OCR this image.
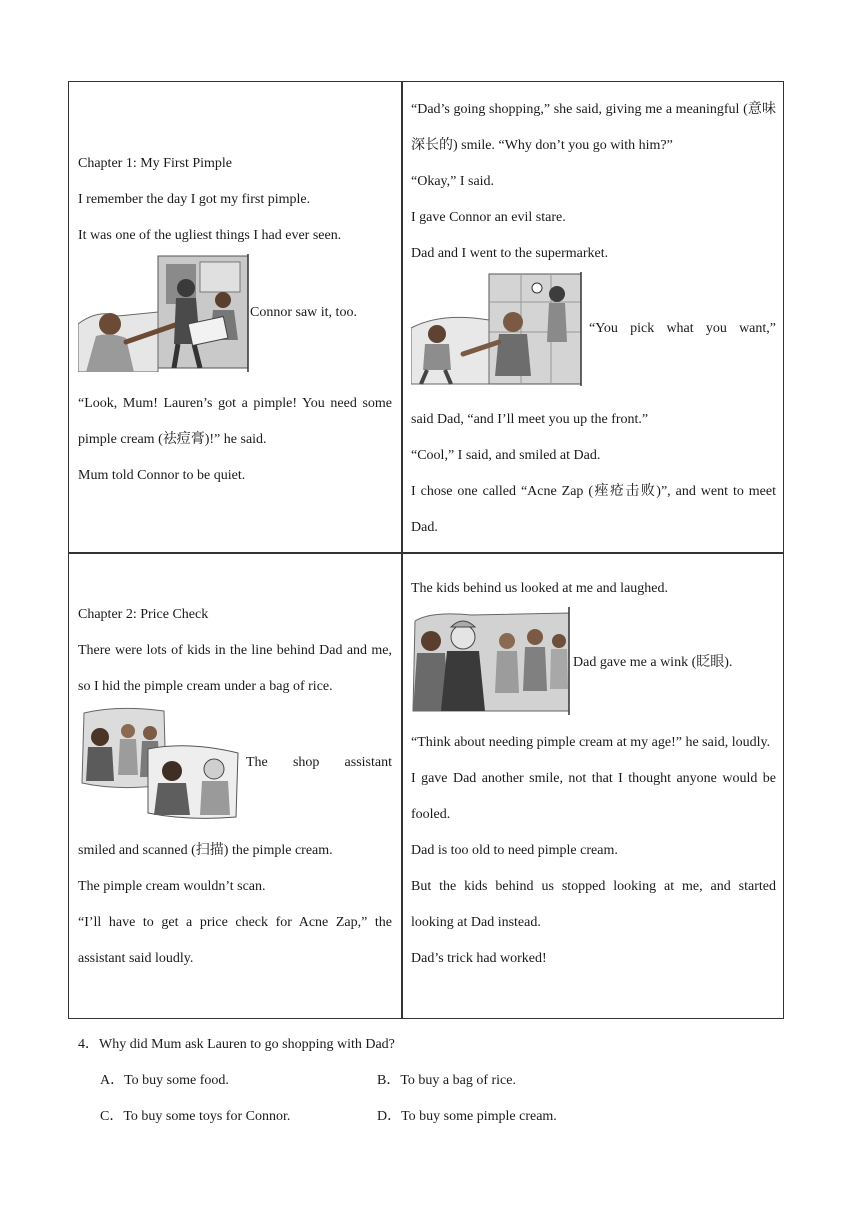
Chapter 1: My First Pimple

I remember the day I got my first pimple.

It was one of the ugliest things I had ever seen.

Connor saw it, too.

“Look, Mum! Lauren’s got a pimple! You need some pimple cream (祛痘膏)!” he said.

Mum told Connor to be quiet.

“Dad’s going shopping,” she said, giving me a meaningful (意味深长的) smile. “Why don’t you go with him?”

“Okay,” I said.

I gave Connor an evil stare.

Dad and I went to the supermarket.

“You pick what you want,”

said Dad, “and I’ll meet you up the front.”

“Cool,” I said, and smiled at Dad.

I chose one called “Acne Zap (痤疮击败)”, and went to meet Dad.

Chapter 2: Price Check

There were lots of kids in the line behind Dad and me, so I hid the pimple cream under a bag of rice.

The shop assistant

smiled and scanned (扫描) the pimple cream.

The pimple cream wouldn’t scan.

“I’ll have to get a price check for Acne Zap,” the assistant said loudly.

The kids behind us looked at me and laughed.

Dad gave me a wink (眨眼).

“Think about needing pimple cream at my age!” he said, loudly.

I gave Dad another smile, not that I thought anyone would be fooled.

Dad is too old to need pimple cream.

But the kids behind us stopped looking at me, and started looking at Dad instead.

Dad’s trick had worked!

4．Why did Mum ask Lauren to go shopping with Dad?

A．To buy some food.	B．To buy a bag of rice.
C．To buy some toys for Connor.	D．To buy some pimple cream.
